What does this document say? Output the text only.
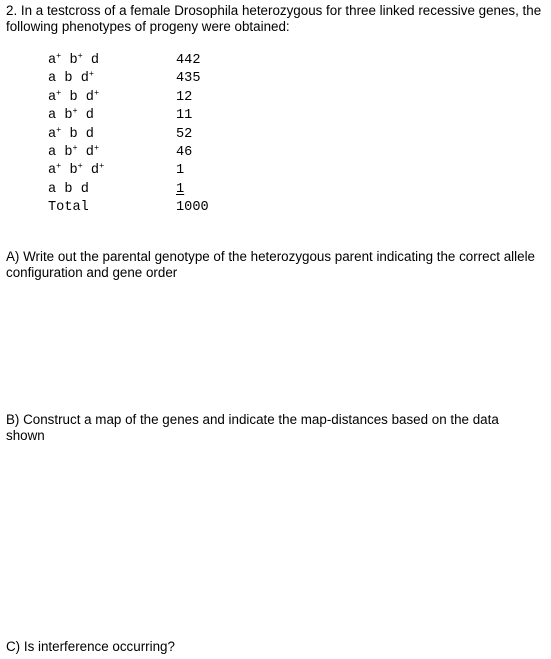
2. In a testcross of a female Drosophila heterozygous for three linked recessive genes, the following phenotypes of progeny were obtained:

a+ b+ d	442
a b d+	435
a+ b d+	12
a b+ d	11
a+ b d	52
a b+ d+	46
a+ b+ d+	1
a b d	1
Total	1000

A) Write out the parental genotype of the heterozygous parent indicating the correct allele configuration and gene order

B) Construct a map of the genes and indicate the map-distances based on the data shown

C) Is interference occurring?
